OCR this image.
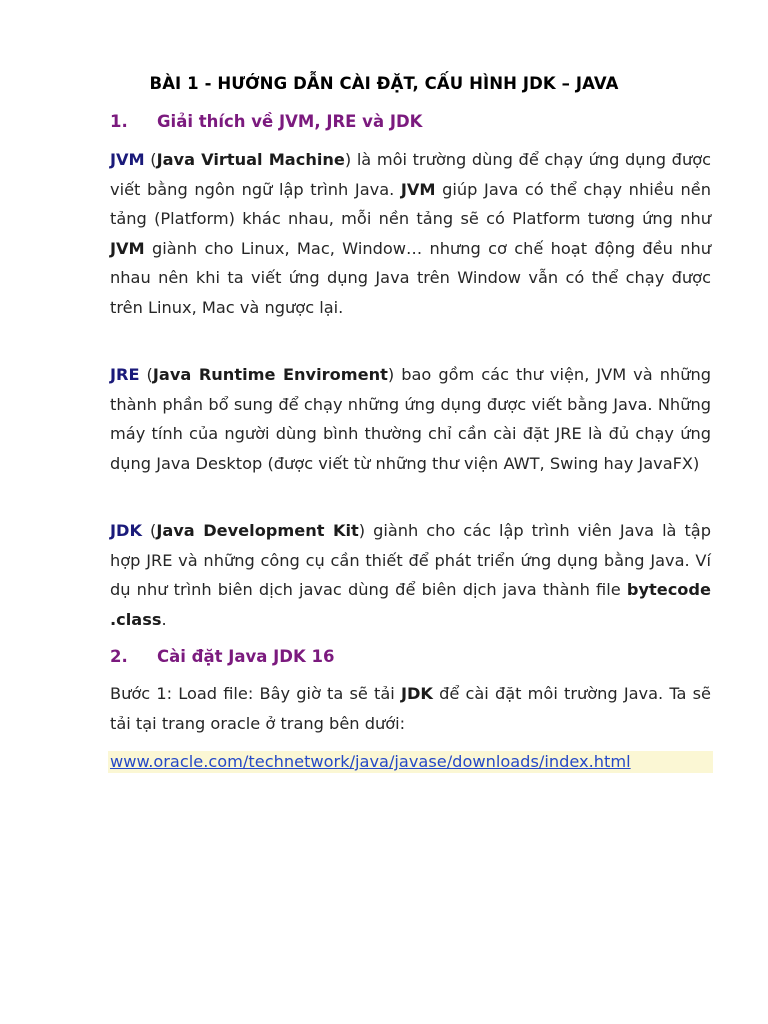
BÀI 1 - HƯỚNG DẪN CÀI ĐẶT, CẤU HÌNH JDK – JAVA
1. Giải thích về JVM, JRE và JDK

JVM (Java Virtual Machine) là môi trường dùng để chạy ứng dụng được viết bằng ngôn ngữ lập trình Java. JVM giúp Java có thể chạy nhiều nền tảng (Platform) khác nhau, mỗi nền tảng sẽ có Platform tương ứng như JVM giành cho Linux, Mac, Window… nhưng cơ chế hoạt động đều như nhau nên khi ta viết ứng dụng Java trên Window vẫn có thể chạy được trên Linux, Mac và ngược lại.

JRE (Java Runtime Enviroment) bao gồm các thư viện, JVM và những thành phần bổ sung để chạy những ứng dụng được viết bằng Java. Những máy tính của người dùng bình thường chỉ cần cài đặt JRE là đủ chạy ứng dụng Java Desktop (được viết từ những thư viện AWT, Swing hay JavaFX)

JDK (Java Development Kit) giành cho các lập trình viên Java là tập hợp JRE và những công cụ cần thiết để phát triển ứng dụng bằng Java. Ví dụ như trình biên dịch javac dùng để biên dịch java thành file bytecode .class.

2. Cài đặt Java JDK 16

Bước 1: Load file: Bây giờ ta sẽ tải JDK để cài đặt môi trường Java. Ta sẽ tải tại trang oracle ở trang bên dưới:

www.oracle.com/technetwork/java/javase/downloads/index.html
